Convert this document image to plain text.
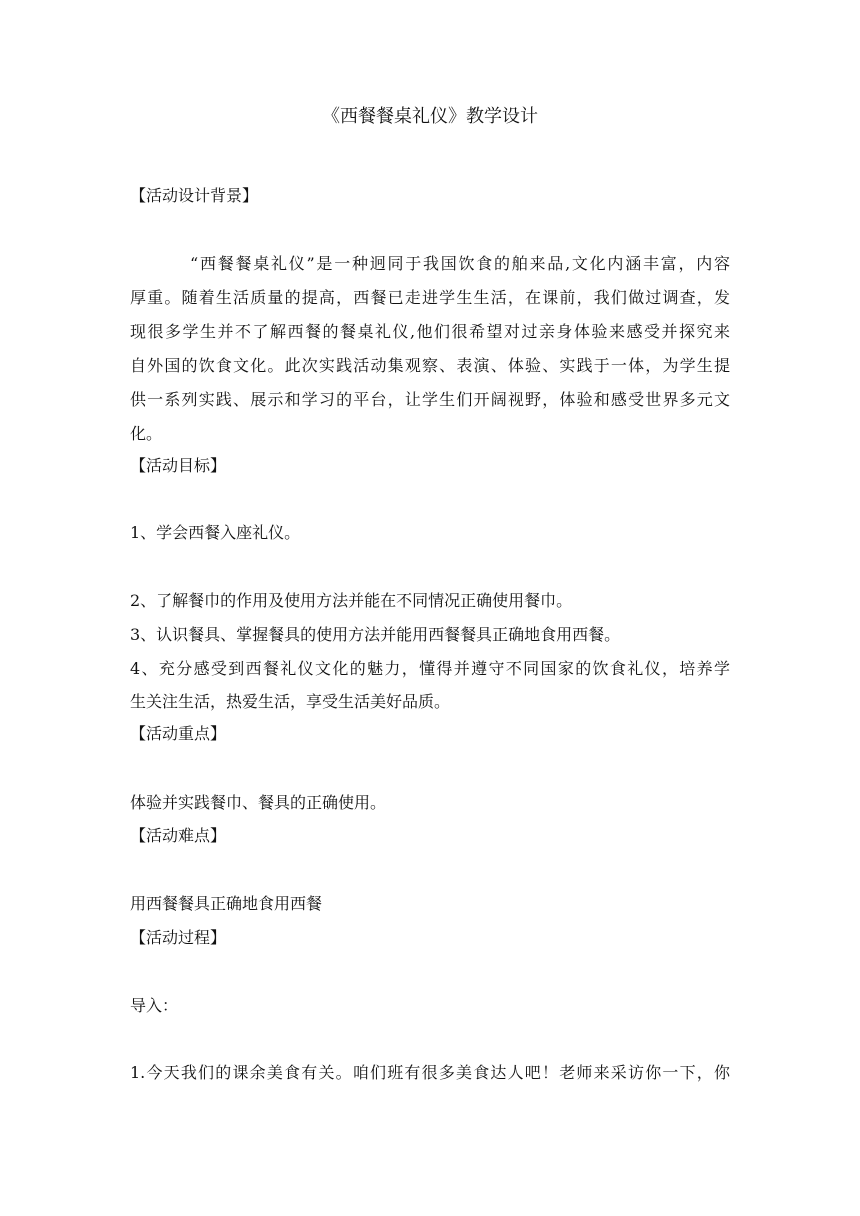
《西餐餐桌礼仪》教学设计
【活动设计背景】
“西餐餐桌礼仪”是一种迥同于我国饮食的舶来品,文化内涵丰富，内容
厚重。随着生活质量的提高，西餐已走进学生生活，在课前，我们做过调查，发
现很多学生并不了解西餐的餐桌礼仪,他们很希望对过亲身体验来感受并探究来
自外国的饮食文化。此次实践活动集观察、表演、体验、实践于一体，为学生提
供一系列实践、展示和学习的平台，让学生们开阔视野，体验和感受世界多元文
化。
【活动目标】
1、学会西餐入座礼仪。
2、了解餐巾的作用及使用方法并能在不同情况正确使用餐巾。
3、认识餐具、掌握餐具的使用方法并能用西餐餐具正确地食用西餐。
4、充分感受到西餐礼仪文化的魅力，懂得并遵守不同国家的饮食礼仪，培养学
生关注生活，热爱生活，享受生活美好品质。
【活动重点】
体验并实践餐巾、餐具的正确使用。
【活动难点】
用西餐餐具正确地食用西餐
【活动过程】
导入：
1.今天我们的课余美食有关。咱们班有很多美食达人吧！老师来采访你一下，你
